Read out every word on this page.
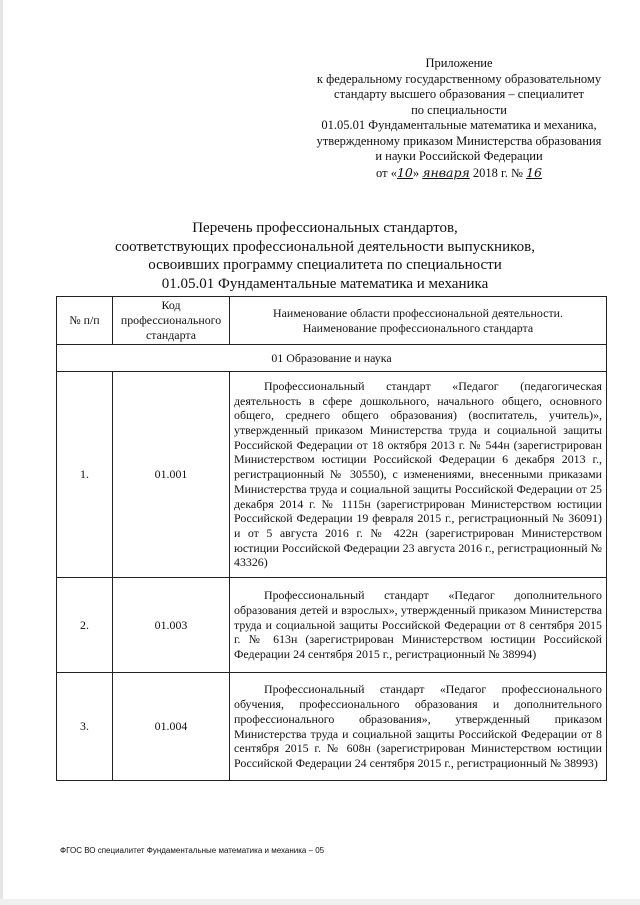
Приложение
к федеральному государственному образовательному
стандарту высшего образования – специалитет
по специальности
01.05.01 Фундаментальные математика и механика,
утвержденному приказом Министерства образования
и науки Российской Федерации
от «10» января 2018 г. № 16
Перечень профессиональных стандартов,
соответствующих профессиональной деятельности выпускников,
освоивших программу специалитета по специальности
01.05.01 Фундаментальные математика и механика
№ п/п	Код профессионального стандарта	Наименование области профессиональной деятельности. Наименование профессионального стандарта
01 Образование и наука		
1.	01.001	Профессиональный стандарт «Педагог (педагогическая деятельность в сфере дошкольного, начального общего, основного общего, среднего общего образования) (воспитатель, учитель)», утвержденный приказом Министерства труда и социальной защиты Российской Федерации от 18 октября 2013 г. № 544н (зарегистрирован Министерством юстиции Российской Федерации 6 декабря 2013 г., регистрационный № 30550), с изменениями, внесенными приказами Министерства труда и социальной защиты Российской Федерации от 25 декабря 2014 г. № 1115н (зарегистрирован Министерством юстиции Российской Федерации 19 февраля 2015 г., регистрационный № 36091) и от 5 августа 2016 г. № 422н (зарегистрирован Министерством юстиции Российской Федерации 23 августа 2016 г., регистрационный № 43326)

2.	01.003	Профессиональный стандарт «Педагог дополнительного образования детей и взрослых», утвержденный приказом Министерства труда и социальной защиты Российской Федерации от 8 сентября 2015 г. № 613н (зарегистрирован Министерством юстиции Российской Федерации 24 сентября 2015 г., регистрационный № 38994)

3.	01.004	Профессиональный стандарт «Педагог профессионального обучения, профессионального образования и дополнительного профессионального образования», утвержденный приказом Министерства труда и социальной защиты Российской Федерации от 8 сентября 2015 г. № 608н (зарегистрирован Министерством юстиции Российской Федерации 24 сентября 2015 г., регистрационный № 38993)
ФГОС ВО специалитет Фундаментальные математика и механика – 05
